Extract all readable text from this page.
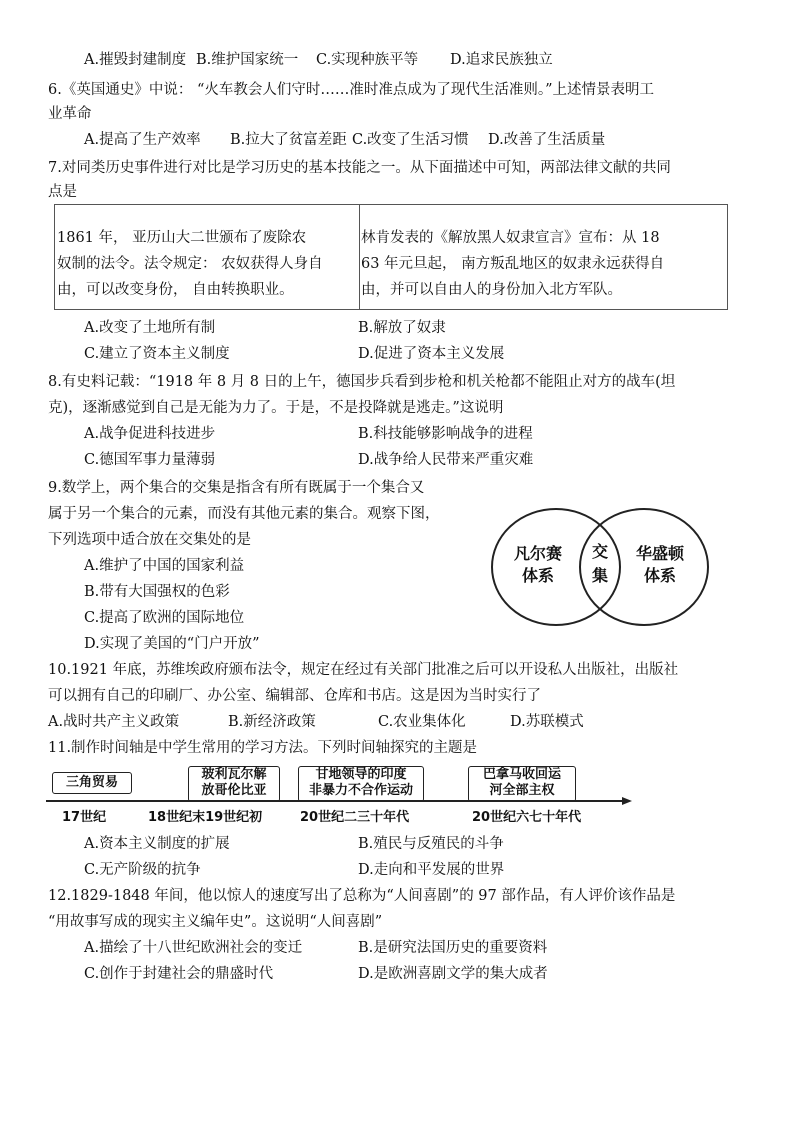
A.摧毁封建制度 B.维护国家统一 C.实现种族平等 D.追求民族独立
6.《英国通史》中说： “火车教会人们守时……准时准点成为了现代生活准则。”上述情景表明工
业革命
A.提高了生产效率 B.拉大了贫富差距 C.改变了生活习惯 D.改善了生活质量
7.对同类历史事件进行对比是学习历史的基本技能之一。从下面描述中可知，两部法律文献的共同
点是
1861 年， 亚历山大二世颁布了废除农
奴制的法令。法令规定： 农奴获得人身自
由，可以改变身份， 自由转换职业。
林肯发表的《解放黑人奴隶宣言》宣布：从 18
63 年元旦起， 南方叛乱地区的奴隶永远获得自
由，并可以自由人的身份加入北方军队。
A.改变了土地所有制	B.解放了奴隶
C.建立了资本主义制度	D.促进了资本主义发展
8.有史料记载：“1918 年 8 月 8 日的上午，德国步兵看到步枪和机关枪都不能阻止对方的战车(坦
克)，逐渐感觉到自己是无能为力了。于是，不是投降就是逃走。”这说明
A.战争促进科技进步	B.科技能够影响战争的进程
C.德国军事力量薄弱	D.战争给人民带来严重灾难
9.数学上，两个集合的交集是指含有所有既属于一个集合又
属于另一个集合的元素，而没有其他元素的集合。观察下图，
下列选项中适合放在交集处的是
凡尔赛
体系
交
集
华盛顿
体系
A.维护了中国的国家利益
B.带有大国强权的色彩
C.提高了欧洲的国际地位
D.实现了美国的“门户开放”
10.1921 年底，苏维埃政府颁布法令，规定在经过有关部门批准之后可以开设私人出版社，出版社
可以拥有自己的印刷厂、办公室、编辑部、仓库和书店。这是因为当时实行了
A.战时共产主义政策	B.新经济政策	C.农业集体化	D.苏联模式
11.制作时间轴是中学生常用的学习方法。下列时间轴探究的主题是
三角贸易
玻利瓦尔解
放哥伦比亚
甘地领导的印度
非暴力不合作运动
巴拿马收回运
河全部主权
17世纪	18世纪末19世纪初	20世纪二三十年代	20世纪六七十年代
A.资本主义制度的扩展	B.殖民与反殖民的斗争
C.无产阶级的抗争	D.走向和平发展的世界
12.1829-1848 年间，他以惊人的速度写出了总称为“人间喜剧”的 97 部作品，有人评价该作品是
“用故事写成的现实主义编年史”。这说明“人间喜剧”
A.描绘了十八世纪欧洲社会的变迁	B.是研究法国历史的重要资料
C.创作于封建社会的鼎盛时代	D.是欧洲喜剧文学的集大成者
